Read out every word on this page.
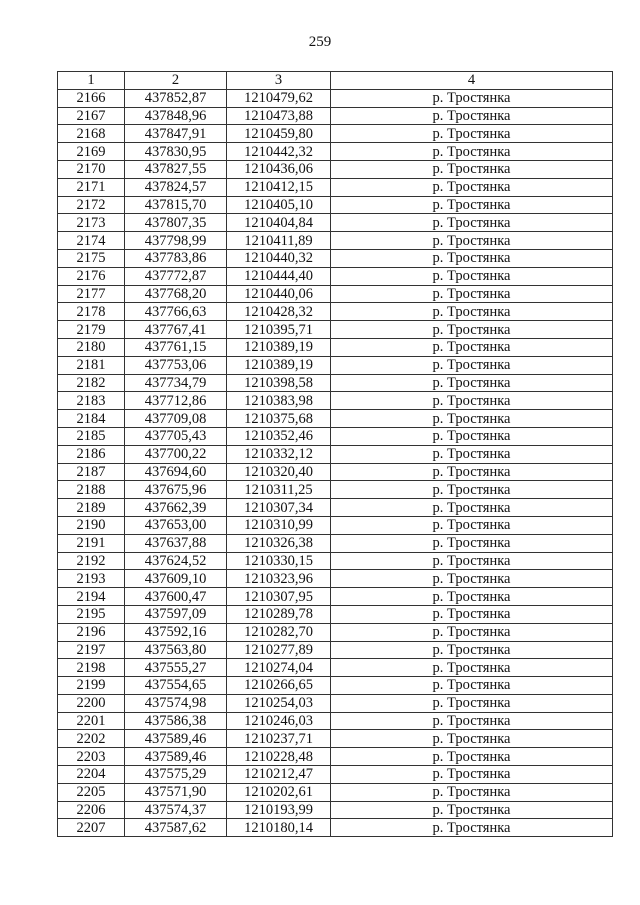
259
1	2	3	4
2166	437852,87	1210479,62	р. Тростянка
2167	437848,96	1210473,88	р. Тростянка
2168	437847,91	1210459,80	р. Тростянка
2169	437830,95	1210442,32	р. Тростянка
2170	437827,55	1210436,06	р. Тростянка
2171	437824,57	1210412,15	р. Тростянка
2172	437815,70	1210405,10	р. Тростянка
2173	437807,35	1210404,84	р. Тростянка
2174	437798,99	1210411,89	р. Тростянка
2175	437783,86	1210440,32	р. Тростянка
2176	437772,87	1210444,40	р. Тростянка
2177	437768,20	1210440,06	р. Тростянка
2178	437766,63	1210428,32	р. Тростянка
2179	437767,41	1210395,71	р. Тростянка
2180	437761,15	1210389,19	р. Тростянка
2181	437753,06	1210389,19	р. Тростянка
2182	437734,79	1210398,58	р. Тростянка
2183	437712,86	1210383,98	р. Тростянка
2184	437709,08	1210375,68	р. Тростянка
2185	437705,43	1210352,46	р. Тростянка
2186	437700,22	1210332,12	р. Тростянка
2187	437694,60	1210320,40	р. Тростянка
2188	437675,96	1210311,25	р. Тростянка
2189	437662,39	1210307,34	р. Тростянка
2190	437653,00	1210310,99	р. Тростянка
2191	437637,88	1210326,38	р. Тростянка
2192	437624,52	1210330,15	р. Тростянка
2193	437609,10	1210323,96	р. Тростянка
2194	437600,47	1210307,95	р. Тростянка
2195	437597,09	1210289,78	р. Тростянка
2196	437592,16	1210282,70	р. Тростянка
2197	437563,80	1210277,89	р. Тростянка
2198	437555,27	1210274,04	р. Тростянка
2199	437554,65	1210266,65	р. Тростянка
2200	437574,98	1210254,03	р. Тростянка
2201	437586,38	1210246,03	р. Тростянка
2202	437589,46	1210237,71	р. Тростянка
2203	437589,46	1210228,48	р. Тростянка
2204	437575,29	1210212,47	р. Тростянка
2205	437571,90	1210202,61	р. Тростянка
2206	437574,37	1210193,99	р. Тростянка
2207	437587,62	1210180,14	р. Тростянка
